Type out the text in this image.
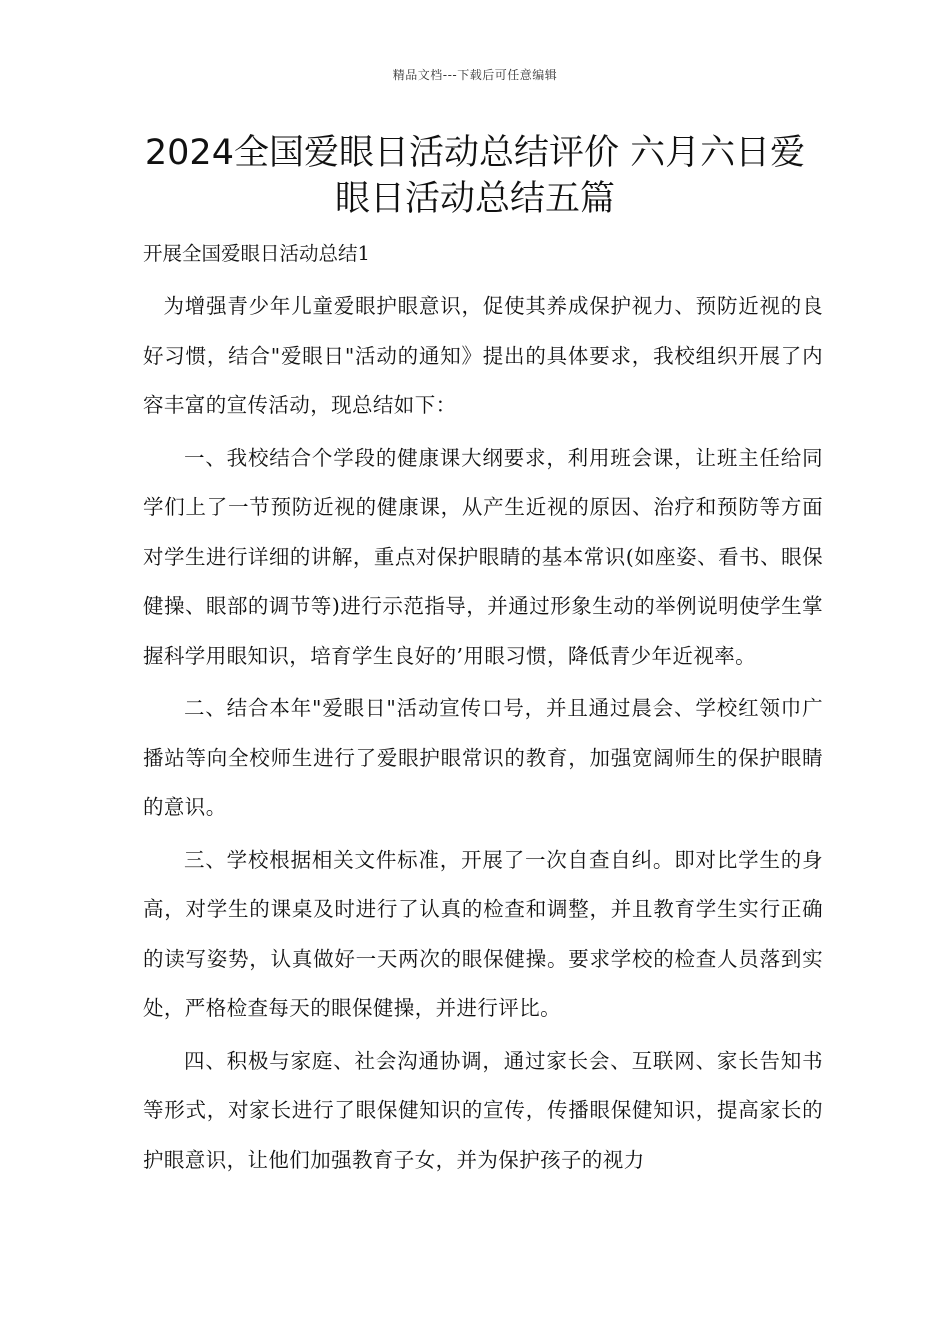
精品文档---下载后可任意编辑
2024全国爱眼日活动总结评价 六月六日爱眼日活动总结五篇
开展全国爱眼日活动总结1

为增强青少年儿童爱眼护眼意识，促使其养成保护视力、预防近视的良好习惯，结合"爱眼日"活动的通知》提出的具体要求，我校组织开展了内容丰富的宣传活动，现总结如下：

一、我校结合个学段的健康课大纲要求，利用班会课，让班主任给同学们上了一节预防近视的健康课，从产生近视的原因、治疗和预防等方面对学生进行详细的讲解，重点对保护眼睛的基本常识(如座姿、看书、眼保健操、眼部的调节等)进行示范指导，并通过形象生动的举例说明使学生掌握科学用眼知识，培育学生良好的’用眼习惯，降低青少年近视率。

二、结合本年"爱眼日"活动宣传口号，并且通过晨会、学校红领巾广播站等向全校师生进行了爱眼护眼常识的教育，加强宽阔师生的保护眼睛的意识。

三、学校根据相关文件标准，开展了一次自查自纠。即对比学生的身高，对学生的课桌及时进行了认真的检查和调整，并且教育学生实行正确的读写姿势，认真做好一天两次的眼保健操。要求学校的检查人员落到实处，严格检查每天的眼保健操，并进行评比。

四、积极与家庭、社会沟通协调，通过家长会、互联网、家长告知书等形式，对家长进行了眼保健知识的宣传，传播眼保健知识，提高家长的护眼意识，让他们加强教育子女，并为保护孩子的视力
